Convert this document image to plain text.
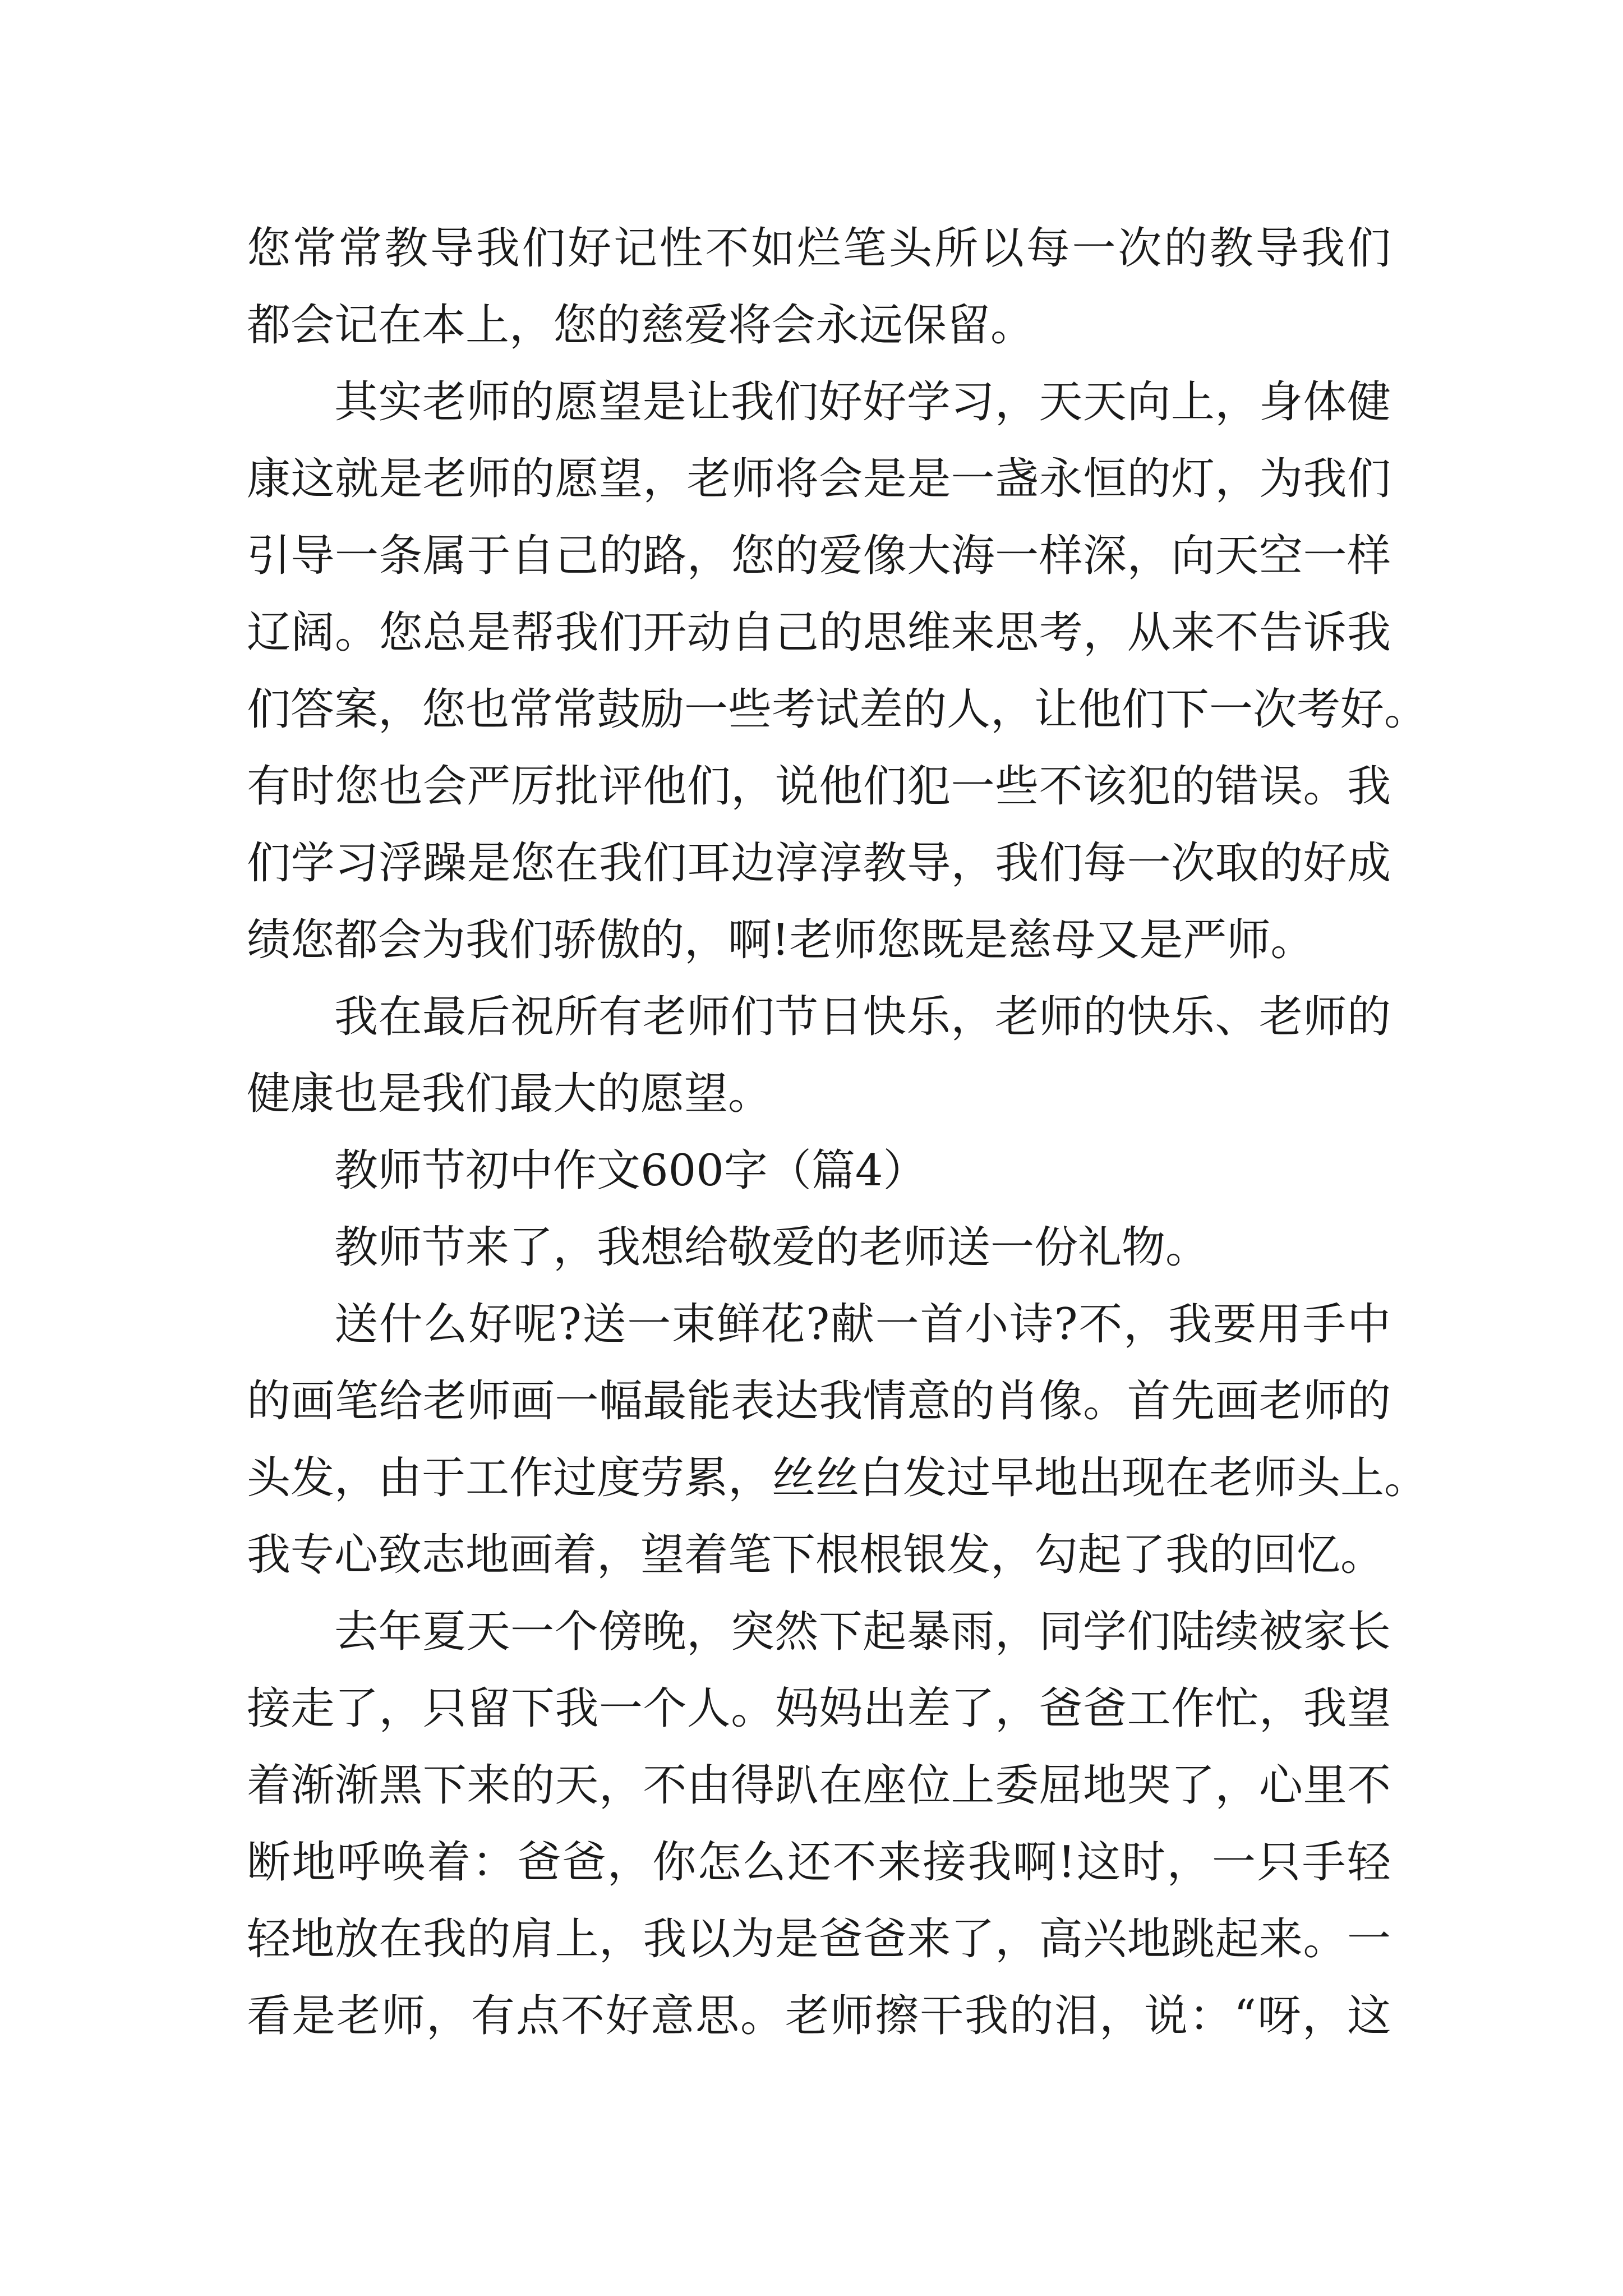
您常常教导我们好记性不如烂笔头所以每一次的教导我们
都会记在本上，您的慈爱将会永远保留。
其实老师的愿望是让我们好好学习，天天向上，身体健
康这就是老师的愿望，老师将会是是一盏永恒的灯，为我们
引导一条属于自己的路，您的爱像大海一样深，向天空一样
辽阔。您总是帮我们开动自己的思维来思考，从来不告诉我
们答案，您也常常鼓励一些考试差的人，让他们下一次考好。
有时您也会严厉批评他们，说他们犯一些不该犯的错误。我
们学习浮躁是您在我们耳边淳淳教导，我们每一次取的好成
绩您都会为我们骄傲的，啊!老师您既是慈母又是严师。
我在最后祝所有老师们节日快乐，老师的快乐、老师的
健康也是我们最大的愿望。
教师节初中作文600字（篇4）
教师节来了，我想给敬爱的老师送一份礼物。
送什么好呢?送一束鲜花?献一首小诗?不，我要用手中
的画笔给老师画一幅最能表达我情意的肖像。首先画老师的
头发，由于工作过度劳累，丝丝白发过早地出现在老师头上。
我专心致志地画着，望着笔下根根银发，勾起了我的回忆。
去年夏天一个傍晚，突然下起暴雨，同学们陆续被家长
接走了，只留下我一个人。妈妈出差了，爸爸工作忙，我望
着渐渐黑下来的天，不由得趴在座位上委屈地哭了，心里不
断地呼唤着：爸爸，你怎么还不来接我啊!这时，一只手轻
轻地放在我的肩上，我以为是爸爸来了，高兴地跳起来。一
看是老师，有点不好意思。老师擦干我的泪，说：“呀，这
